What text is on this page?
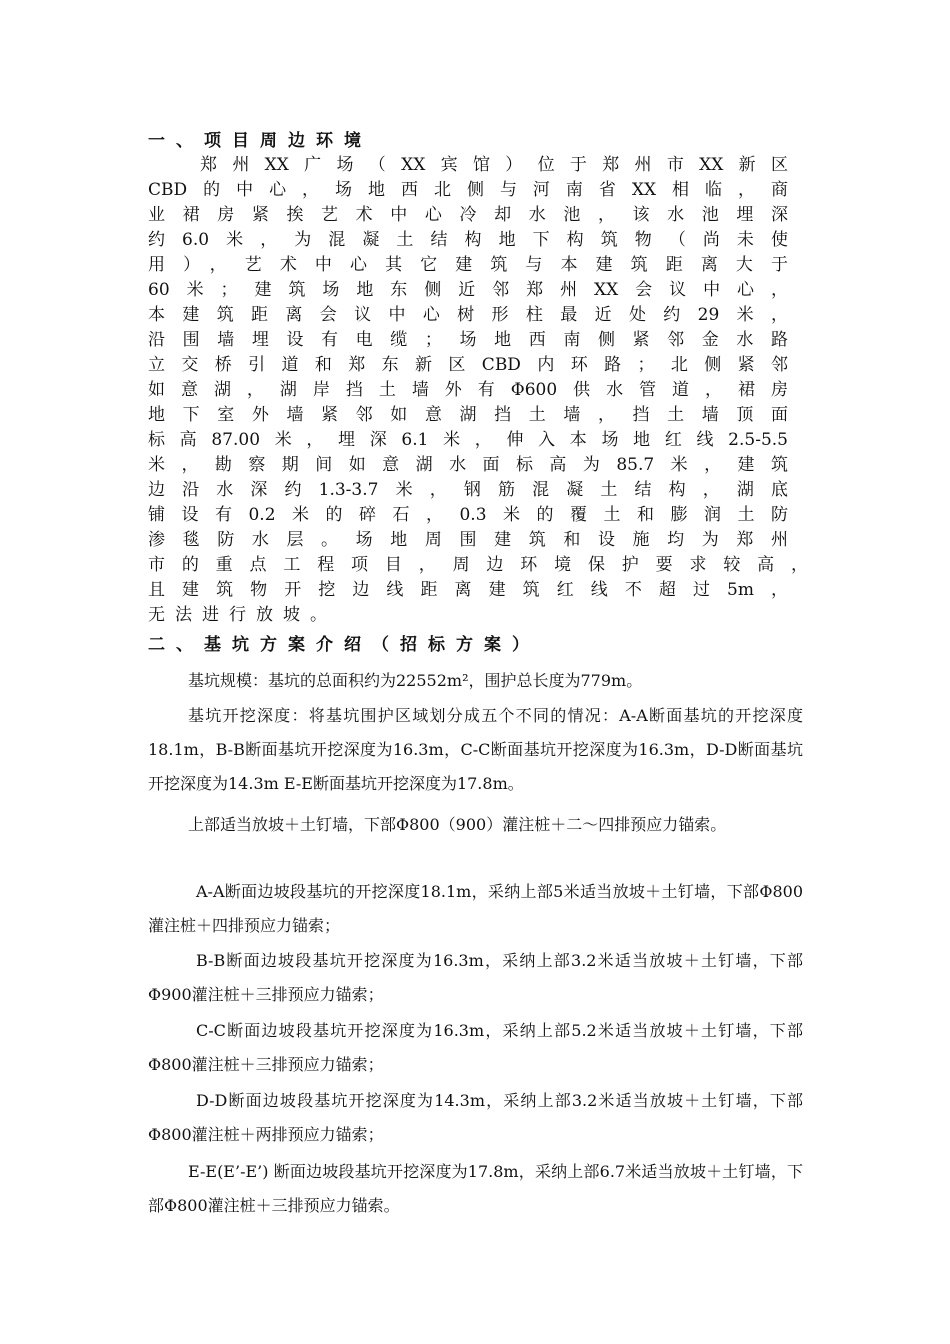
一、项目周边环境
郑州XX广场（XX宾馆）位于郑州市XX新区
CBD的中心，场地西北侧与河南省XX相临，商
业裙房紧挨艺术中心冷却水池，该水池埋深
约6.0米，为混凝土结构地下构筑物（尚未使
用），艺术中心其它建筑与本建筑距离大于
60米；建筑场地东侧近邻郑州XX会议中心，
本建筑距离会议中心树形柱最近处约29米，
沿围墙埋设有电缆；场地西南侧紧邻金水路
立交桥引道和郑东新区CBD内环路；北侧紧邻
如意湖，湖岸挡土墙外有Φ600供水管道，裙房
地下室外墙紧邻如意湖挡土墙，挡土墙顶面
标高87.00米，埋深6.1米，伸入本场地红线2.5-5.5
米，勘察期间如意湖水面标高为85.7米，建筑
边沿水深约1.3-3.7米，钢筋混凝土结构，湖底
铺设有0.2米的碎石，0.3米的覆土和膨润土防
渗毯防水层。场地周围建筑和设施均为郑州
市的重点工程项目，周边环境保护要求较高，
且建筑物开挖边线距离建筑红线不超过5m，
无法进行放坡。
二、基坑方案介绍（招标方案）
基坑规模：基坑的总面积约为22552m²，围护总长度为779m。
基坑开挖深度：将基坑围护区域划分成五个不同的情况：A-A断面基坑的开挖深度18.1m，B-B断面基坑开挖深度为16.3m，C-C断面基坑开挖深度为16.3m，D-D断面基坑开挖深度为14.3m E-E断面基坑开挖深度为17.8m。
上部适当放坡＋土钉墙，下部Φ800（900）灌注桩＋二～四排预应力锚索。
A-A断面边坡段基坑的开挖深度18.1m，采纳上部5米适当放坡＋土钉墙，下部Φ800灌注桩＋四排预应力锚索；
B-B断面边坡段基坑开挖深度为16.3m，采纳上部3.2米适当放坡＋土钉墙，下部Φ900灌注桩＋三排预应力锚索；
C-C断面边坡段基坑开挖深度为16.3m，采纳上部5.2米适当放坡＋土钉墙，下部Φ800灌注桩＋三排预应力锚索；
D-D断面边坡段基坑开挖深度为14.3m，采纳上部3.2米适当放坡＋土钉墙，下部Φ800灌注桩＋两排预应力锚索；
E-E(E’-E’) 断面边坡段基坑开挖深度为17.8m，采纳上部6.7米适当放坡＋土钉墙，下部Φ800灌注桩＋三排预应力锚索。
